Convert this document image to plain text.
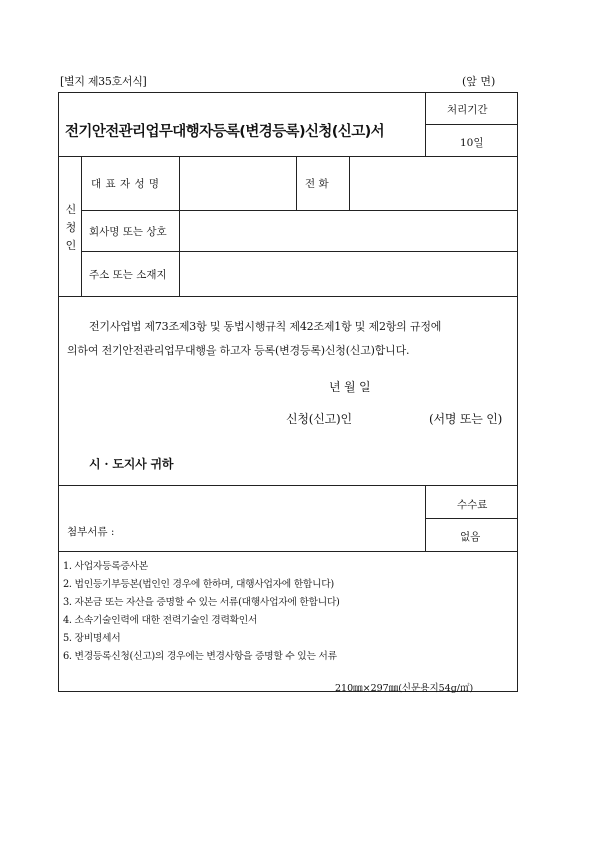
[별지 제35호서식]	(앞 면)
전기안전관리업무대행자등록(변경등록)신청(신고)서
처리기간
10일
신청인
대 표 자 성 명	전 화
회사명 또는 상호
주소 또는 소재지
전기사업법 제73조제3항 및 동법시행규칙 제42조제1항 및 제2항의 규정에
의하여 전기안전관리업무대행을 하고자 등록(변경등록)신청(신고)합니다.
년 월 일
신청(신고)인	(서명 또는 인)
시 · 도지사 귀하
첨부서류 :
수수료
없음
1. 사업자등록증사본
2. 법인등기부등본(법인인 경우에 한하며, 대행사업자에 한합니다)
3. 자본금 또는 자산을 증명할 수 있는 서류(대행사업자에 한합니다)
4. 소속기술인력에 대한 전력기술인 경력확인서
5. 장비명세서
6. 변경등록신청(신고)의 경우에는 변경사항을 증명할 수 있는 서류
210㎜×297㎜(신문용지54g/㎡)
